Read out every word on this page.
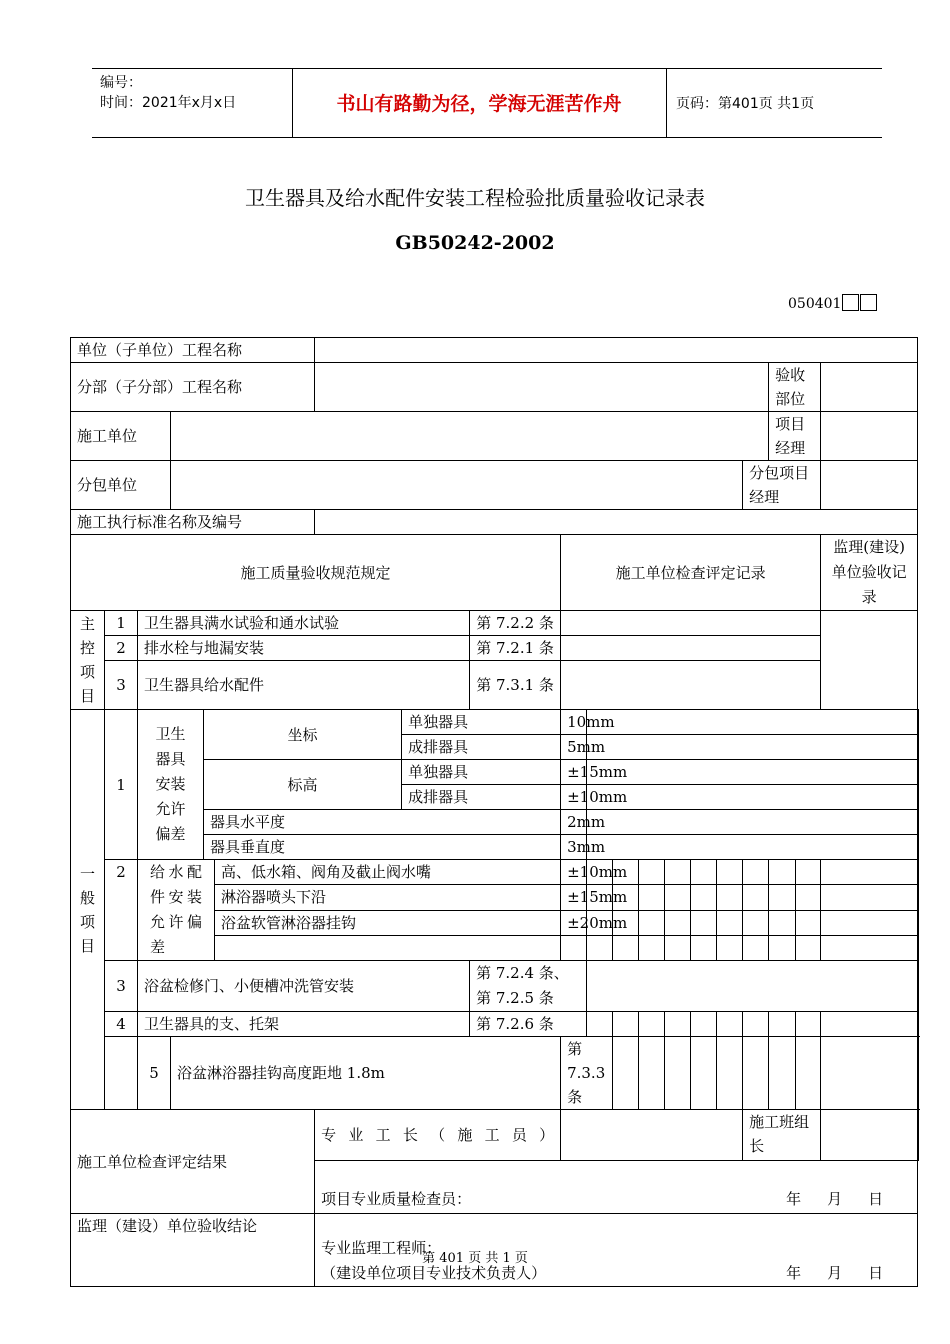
编号：
时间：2021年x月x日	书山有路勤为径，学海无涯苦作舟	页码：第401页 共1页
卫生器具及给水配件安装工程检验批质量验收记录表
GB50242-2002
050401
单位（子单位）工程名称																				
分部（子分部）工程名称																	验收部位			
施工单位																	项目经理			
分包单位																分包项目经理				
施工执行标准名称及编号																				
施工质量验收规范规定									施工单位检查评定记录										监理(建设)单位验收记录	

主控项目	1	卫生器具满水试验和通水试验						第 7.2.2 条												
	2	排水栓与地漏安装						第 7.2.1 条												
	3	卫生器具给水配件						第 7.3.1 条												

一般项目	1	卫生器具安装允许偏差		坐标			单独器具		10mm											
							成排器具		5mm											
				标高			单独器具		±15mm											
							成排器具		±10mm											
				器具水平度					2mm											
				器具垂直度					3mm											
	2	给水配件安装允许偏差			高、低水箱、阀角及截止阀水嘴				±10mm											
					淋浴器喷头下沿				±15mm											
					浴盆软管淋浴器挂钩				±20mm											

	3	浴盆检修门、小便槽冲洗管安装						第 7.2.4 条、第 7.2.5 条												
	4	卫生器具的支、托架						第 7.2.6 条												
		5	浴盆淋浴器挂钩高度距地 1.8m						第 7.3.3 条											
施工单位检查评定结果						专业工长（施工员）										施工班组长				

						项目专业质量检查员： 年 月 日														

监理（建设）单位验收结论						专业监理工程师：
（建设单位项目专业技术负责人） 年 月 日														
第 401 页 共 1 页
